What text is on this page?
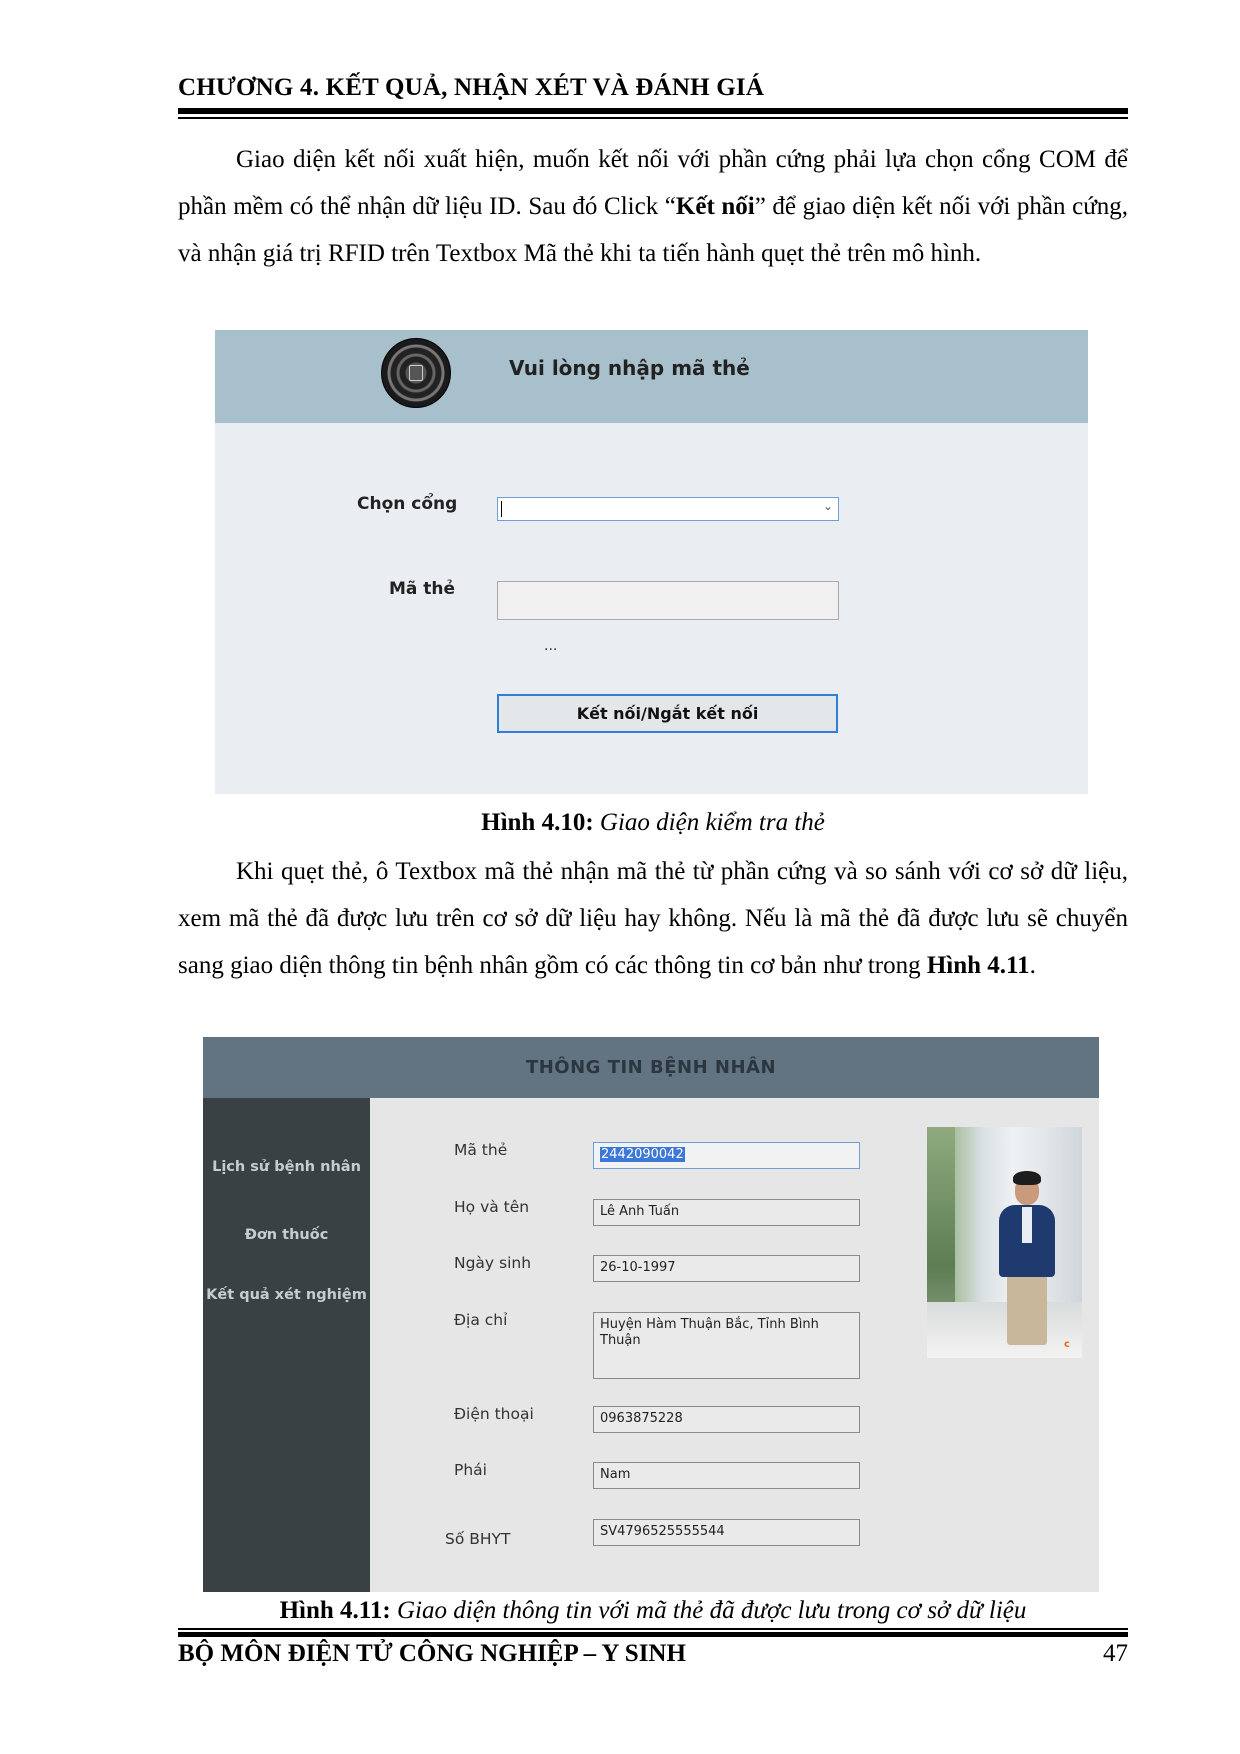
CHƯƠNG 4. KẾT QUẢ, NHẬN XÉT VÀ ĐÁNH GIÁ

Giao diện kết nối xuất hiện, muốn kết nối với phần cứng phải lựa chọn cổng COM để phần mềm có thể nhận dữ liệu ID. Sau đó Click “Kết nối” để giao diện kết nối với phần cứng, và nhận giá trị RFID trên Textbox Mã thẻ khi ta tiến hành quẹt thẻ trên mô hình.

Vui lòng nhập mã thẻ
Chọn cổng	⌄
Mã thẻ
...
Kết nối/Ngắt kết nối
Hình 4.10: Giao diện kiểm tra thẻ

Khi quẹt thẻ, ô Textbox mã thẻ nhận mã thẻ từ phần cứng và so sánh với cơ sở dữ liệu, xem mã thẻ đã được lưu trên cơ sở dữ liệu hay không. Nếu là mã thẻ đã được lưu sẽ chuyển sang giao diện thông tin bệnh nhân gồm có các thông tin cơ bản như trong Hình 4.11.

THÔNG TIN BỆNH NHÂN
Lịch sử bệnh nhân
Đơn thuốc
Kết quả xét nghiệm
Mã thẻ	2442090042
Họ và tên	Lê Anh Tuấn
Ngày sinh	26-10-1997
Địa chỉ	Huyện Hàm Thuận Bắc, Tỉnh Bình Thuận
Điện thoại	0963875228
Phái	Nam
Số BHYT	SV4796525555544
c
Hình 4.11: Giao diện thông tin với mã thẻ đã được lưu trong cơ sở dữ liệu
BỘ MÔN ĐIỆN TỬ CÔNG NGHIỆP – Y SINH	47
